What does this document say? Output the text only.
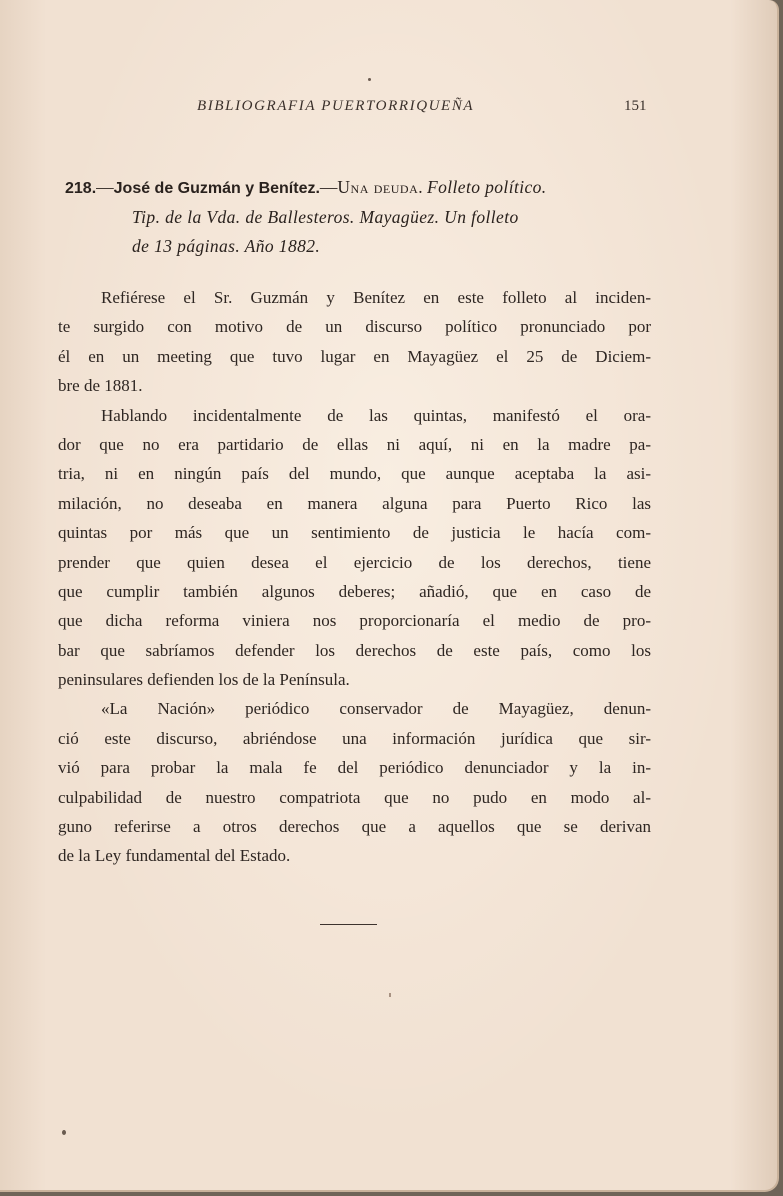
BIBLIOGRAFIA PUERTORRIQUEÑA	151
218.—José de Guzmán y Benítez.—Una deuda. Folleto político.
Tip. de la Vda. de Ballesteros. Mayagüez. Un folleto
de 13 páginas. Año 1882.
Refiérese el Sr. Guzmán y Benítez en este folleto al inciden-
te surgido con motivo de un discurso político pronunciado por
él en un meeting que tuvo lugar en Mayagüez el 25 de Diciem-
bre de 1881.
Hablando incidentalmente de las quintas, manifestó el ora-
dor que no era partidario de ellas ni aquí, ni en la madre pa-
tria, ni en ningún país del mundo, que aunque aceptaba la asi-
milación, no deseaba en manera alguna para Puerto Rico las
quintas por más que un sentimiento de justicia le hacía com-
prender que quien desea el ejercicio de los derechos, tiene
que cumplir también algunos deberes; añadió, que en caso de
que dicha reforma viniera nos proporcionaría el medio de pro-
bar que sabríamos defender los derechos de este país, como los
peninsulares defienden los de la Península.
«La Nación» periódico conservador de Mayagüez, denun-
ció este discurso, abriéndose una información jurídica que sir-
vió para probar la mala fe del periódico denunciador y la in-
culpabilidad de nuestro compatriota que no pudo en modo al-
guno referirse a otros derechos que a aquellos que se derivan
de la Ley fundamental del Estado.
